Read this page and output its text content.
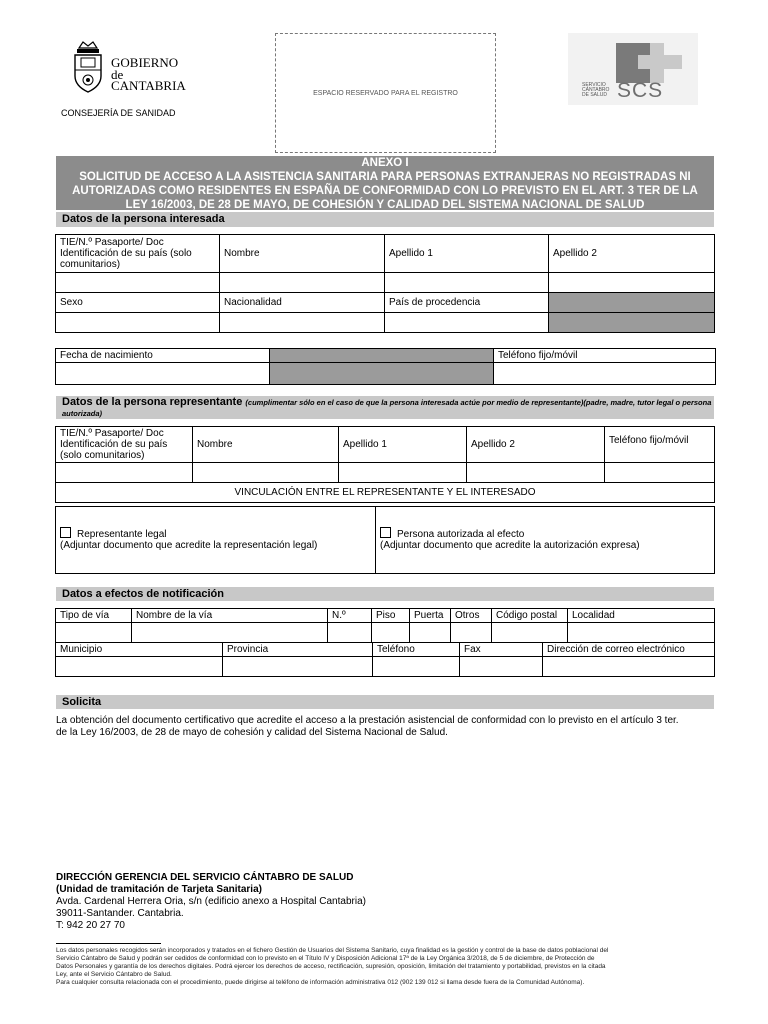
GOBIERNO
de
CANTABRIA
CONSEJERÍA DE SANIDAD
ESPACIO RESERVADO PARA EL REGISTRO
SERVICIO
CÁNTABRO
DE SALUD SCS
ANEXO I
SOLICITUD DE ACCESO A LA ASISTENCIA SANITARIA PARA PERSONAS EXTRANJERAS NO REGISTRADAS NI
AUTORIZADAS COMO RESIDENTES EN ESPAÑA DE CONFORMIDAD CON LO PREVISTO EN EL ART. 3 TER DE LA
LEY 16/2003, DE 28 DE MAYO, DE COHESIÓN Y CALIDAD DEL SISTEMA NACIONAL DE SALUD
Datos de la persona interesada
TIE/N.º Pasaporte/ Doc Identificación de su país (solo comunitarios)	Nombre	Apellido 1	Apellido 2

Sexo	Nacionalidad	País de procedencia	

Fecha de nacimiento		Teléfono fijo/móvil

Datos de la persona representante (cumplimentar sólo en el caso de que la persona interesada actúe por medio de representante)(padre, madre, tutor legal o persona autorizada)
TIE/N.º Pasaporte/ Doc Identificación de su país (solo comunitarios)	Nombre	Apellido 1	Apellido 2	Teléfono fijo/móvil

VINCULACIÓN ENTRE EL REPRESENTANTE Y EL INTERESADO				
Representante legal
(Adjuntar documento que acredite la representación legal)

Persona autorizada al efecto
(Adjuntar documento que acredite la autorización expresa)
Datos a efectos de notificación
Tipo de vía	Nombre de la vía	N.º	Piso	Puerta	Otros	Código postal	Localidad

Municipio	Provincia	Teléfono	Fax	Dirección de correo electrónico

Solicita
La obtención del documento certificativo que acredite el acceso a la prestación asistencial de conformidad con lo previsto en el artículo 3 ter.
de la Ley 16/2003, de 28 de mayo de cohesión y calidad del Sistema Nacional de Salud.
DIRECCIÓN GERENCIA DEL SERVICIO CÁNTABRO DE SALUD
(Unidad de tramitación de Tarjeta Sanitaria)
Avda. Cardenal Herrera Oria, s/n (edificio anexo a Hospital Cantabria)
39011-Santander. Cantabria.
T: 942 20 27 70
Los datos personales recogidos serán incorporados y tratados en el fichero Gestión de Usuarios del Sistema Sanitario, cuya finalidad es la gestión y control de la base de datos poblacional del
Servicio Cántabro de Salud y podrán ser cedidos de conformidad con lo previsto en el Título IV y Disposición Adicional 17ª de la Ley Orgánica 3/2018, de 5 de diciembre, de Protección de
Datos Personales y garantía de los derechos digitales. Podrá ejercer los derechos de acceso, rectificación, supresión, oposición, limitación del tratamiento y portabilidad, previstos en la citada
Ley, ante el Servicio Cántabro de Salud.
Para cualquier consulta relacionada con el procedimiento, puede dirigirse al teléfono de información administrativa 012 (902 139 012 si llama desde fuera de la Comunidad Autónoma).
